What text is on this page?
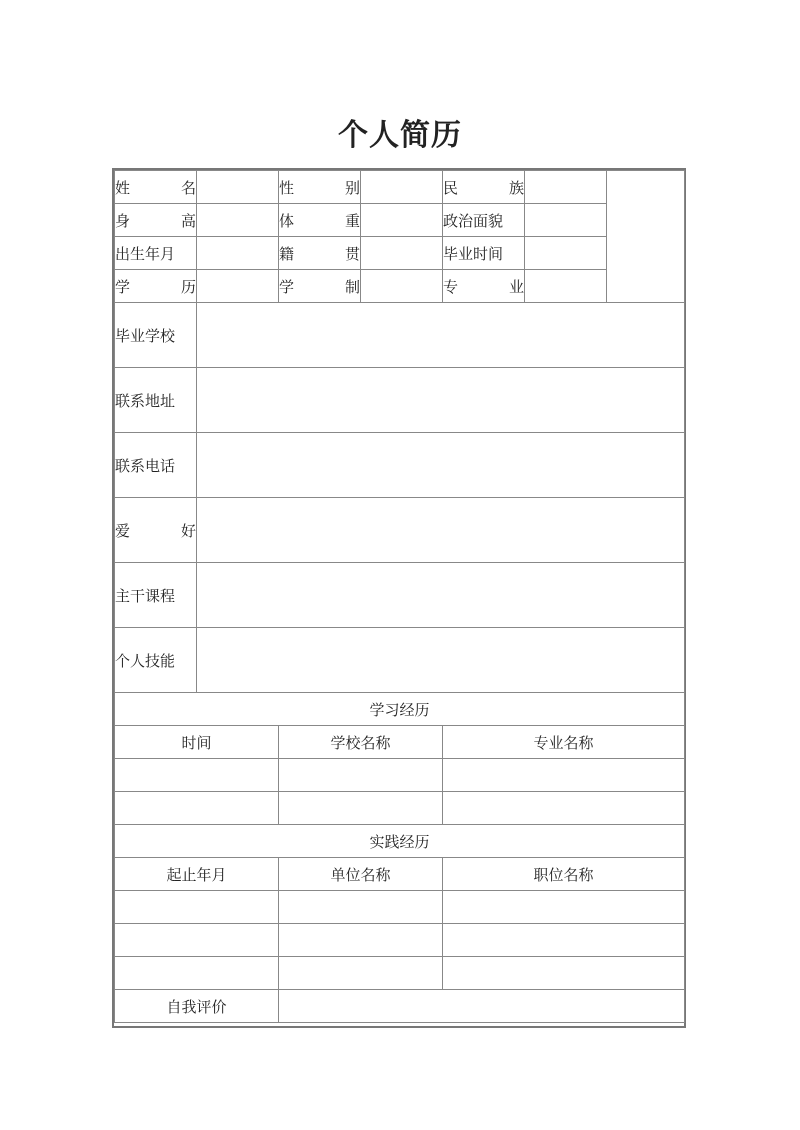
个人简历
姓 名		性 别		民 族		

身 高		体 重		政治面貌		
出生年月		籍 贯		毕业时间		

学 历		学 制		专 业		

毕业学校						
联系地址						
联系电话						

爱 好						

主干课程						
个人技能						
学习经历						
时间		学校名称		专业名称		

实践经历						
起止年月		单位名称		职位名称		

自我评价						
